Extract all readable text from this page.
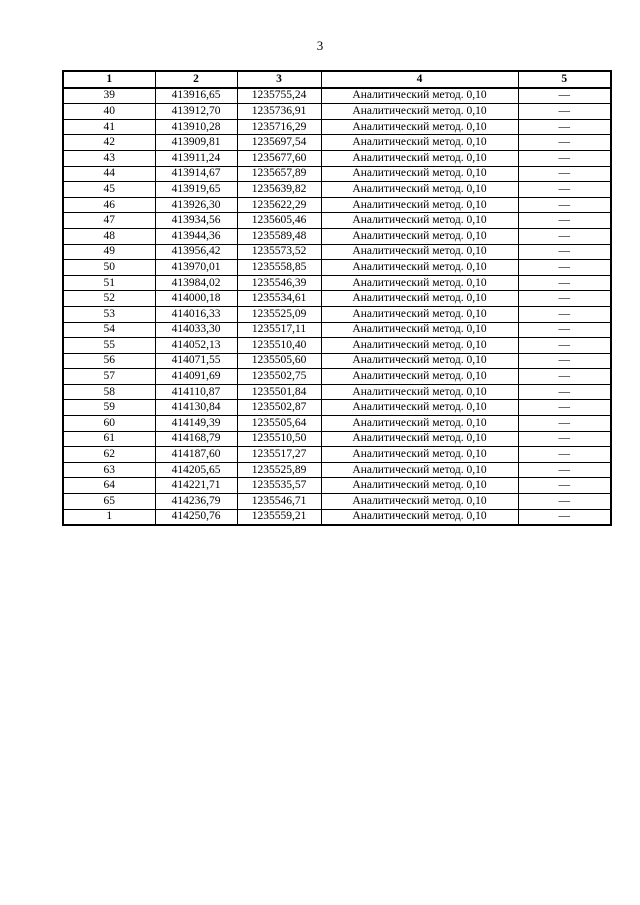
3
1	2	3	4	5
39	413916,65	1235755,24	Аналитический метод. 0,10	—
40	413912,70	1235736,91	Аналитический метод. 0,10	—
41	413910,28	1235716,29	Аналитический метод. 0,10	—
42	413909,81	1235697,54	Аналитический метод. 0,10	—
43	413911,24	1235677,60	Аналитический метод. 0,10	—
44	413914,67	1235657,89	Аналитический метод. 0,10	—
45	413919,65	1235639,82	Аналитический метод. 0,10	—
46	413926,30	1235622,29	Аналитический метод. 0,10	—
47	413934,56	1235605,46	Аналитический метод. 0,10	—
48	413944,36	1235589,48	Аналитический метод. 0,10	—
49	413956,42	1235573,52	Аналитический метод. 0,10	—
50	413970,01	1235558,85	Аналитический метод. 0,10	—
51	413984,02	1235546,39	Аналитический метод. 0,10	—
52	414000,18	1235534,61	Аналитический метод. 0,10	—
53	414016,33	1235525,09	Аналитический метод. 0,10	—
54	414033,30	1235517,11	Аналитический метод. 0,10	—
55	414052,13	1235510,40	Аналитический метод. 0,10	—
56	414071,55	1235505,60	Аналитический метод. 0,10	—
57	414091,69	1235502,75	Аналитический метод. 0,10	—
58	414110,87	1235501,84	Аналитический метод. 0,10	—
59	414130,84	1235502,87	Аналитический метод. 0,10	—
60	414149,39	1235505,64	Аналитический метод. 0,10	—
61	414168,79	1235510,50	Аналитический метод. 0,10	—
62	414187,60	1235517,27	Аналитический метод. 0,10	—
63	414205,65	1235525,89	Аналитический метод. 0,10	—
64	414221,71	1235535,57	Аналитический метод. 0,10	—
65	414236,79	1235546,71	Аналитический метод. 0,10	—
1	414250,76	1235559,21	Аналитический метод. 0,10	—
